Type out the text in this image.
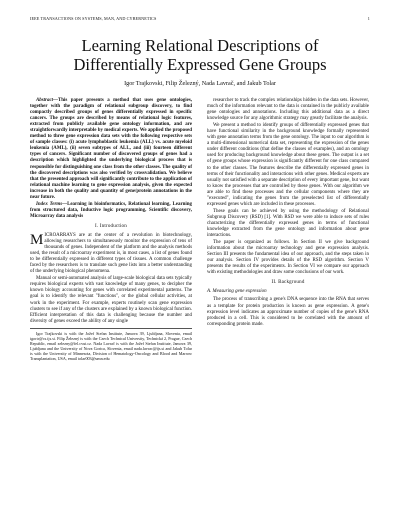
IEEE TRANSACTIONS ON SYSTEMS, MAN, AND CYBERNETICS	1
Learning Relational Descriptions of Differentially Expressed Gene Groups
Igor Trajkovski, Filip Železný, Nada Lavrač, and Jakub Tolar

Abstract—This paper presents a method that uses gene ontologies, together with the paradigm of relational subgroup discovery, to find compactly described groups of genes differentially expressed in specific cancers. The groups are described by means of relational logic features, extracted from publicly available gene ontology information, and are straightforwardly interpretable by medical experts. We applied the proposed method to three gene expression data sets with the following respective sets of sample classes: (i) acute lymphoblastic leukemia (ALL) vs. acute myeloid leukemia (AML), (ii) seven subtypes of ALL, and (iii) fourteen different types of cancers. Significant number of discovered groups of genes had a description which highlighted the underlying biological process that is responsible for distinguishing one class from the other classes. The quality of the discovered descriptions was also verified by crossvalidation. We believe that the presented approach will significantly contribute to the application of relational machine learning to gene expression analysis, given the expected increase in both the quality and quantity of gene/protein annotations in the near future.

Index Terms—Learning in bioinformatics, Relational learning, Learning from structured data, Inductive logic programming, Scientific discovery, Microarray data analysis

I. Introduction

MICROARRAYS are at the center of a revolution in biotechnology, allowing researchers to simultaneously monitor the expression of tens of thousands of genes. Independent of the platform and the analysis methods used, the result of a microarray experiment is, in most cases, a list of genes found to be differentially expressed in different types of tissues. A common challenge faced by the researchers is to translate such gene lists into a better understanding of the underlying biological phenomena.

Manual or semi-automated analysis of large-scale biological data sets typically requires biological experts with vast knowledge of many genes, to decipher the known biology accounting for genes with correlated experimental patterns. The goal is to identify the relevant "functions", or the global cellular activities, at work in the experiment. For example, experts routinely scan gene expression clusters to see if any of the clusters are explained by a known biological function. Efficient interpretation of this data is challenging because the number and diversity of genes exceed the ability of any single

Igor Trajkovski is with the Jožef Stefan Institute, Jamova 39, Ljubljana, Slovenia, email igortr@cs.ijs.si. Filip Železný is with the Czech Technical University, Technická 2, Prague, Czech Republic, email zelezny@fel.cvut.cz. Nada Lavrač is with the Jožef Stefan Institute, Jamova 39, Ljubljana and the University of Nova Gorica, Slovenia, email nada.lavrac@ijs.si and Jakub Tolar is with the University of Minnesota, Division of Hematology-Oncology and Blood and Marrow Transplantation, USA, email tolar003@umn.edu

researcher to track the complex relationships hidden in the data sets. However, much of the information relevant to the data is contained in the publicly available gene ontologies and annotations. Including this additional data as a direct knowledge source for any algorithmic strategy may greatly facilitate the analysis.

We present a method to identify groups of differentially expressed genes that have functional similarity in the background knowledge formally represented with gene annotation terms from the gene ontology. The input to our algorithm is a multi-dimensional numerical data set, representing the expression of the genes under different conditions (that define the classes of examples), and an ontology used for producing background knowledge about these genes. The output is a set of gene groups whose expression is significantly different for one class compared to the other classes. The features describe the differentially expressed genes in terms of their functionality and interactions with other genes. Medical experts are usually not satisfied with a separate description of every important gene, but want to know the processes that are controlled by these genes. With our algorithm we are able to find these processes and the cellular components where they are "executed", indicating the genes from the preselected list of differentially expressed genes which are included in these processes.

These goals can be achieved by using the methodology of Relational Subgroup Discovery (RSD) [1]. With RSD we were able to induce sets of rules characterizing the differentially expressed genes in terms of functional knowledge extracted from the gene ontology and information about gene interactions.

The paper is organized as follows. In Section II we give background information about the microarray technology and gene expression analysis. Section III presents the fundamental idea of our approach, and the steps taken in our analysis. Section IV provides details of the RSD algorithm. Section V presents the results of the experiments. In Section VI we compare our approach with existing methodologies and draw some conclusions of our work.

II. Background
A. Measuring gene expression

The process of transcribing a gene's DNA sequence into the RNA that serves as a template for protein production is known as gene expression. A gene's expression level indicates an approximate number of copies of the gene's RNA produced in a cell. This is considered to be correlated with the amount of corresponding protein made.
